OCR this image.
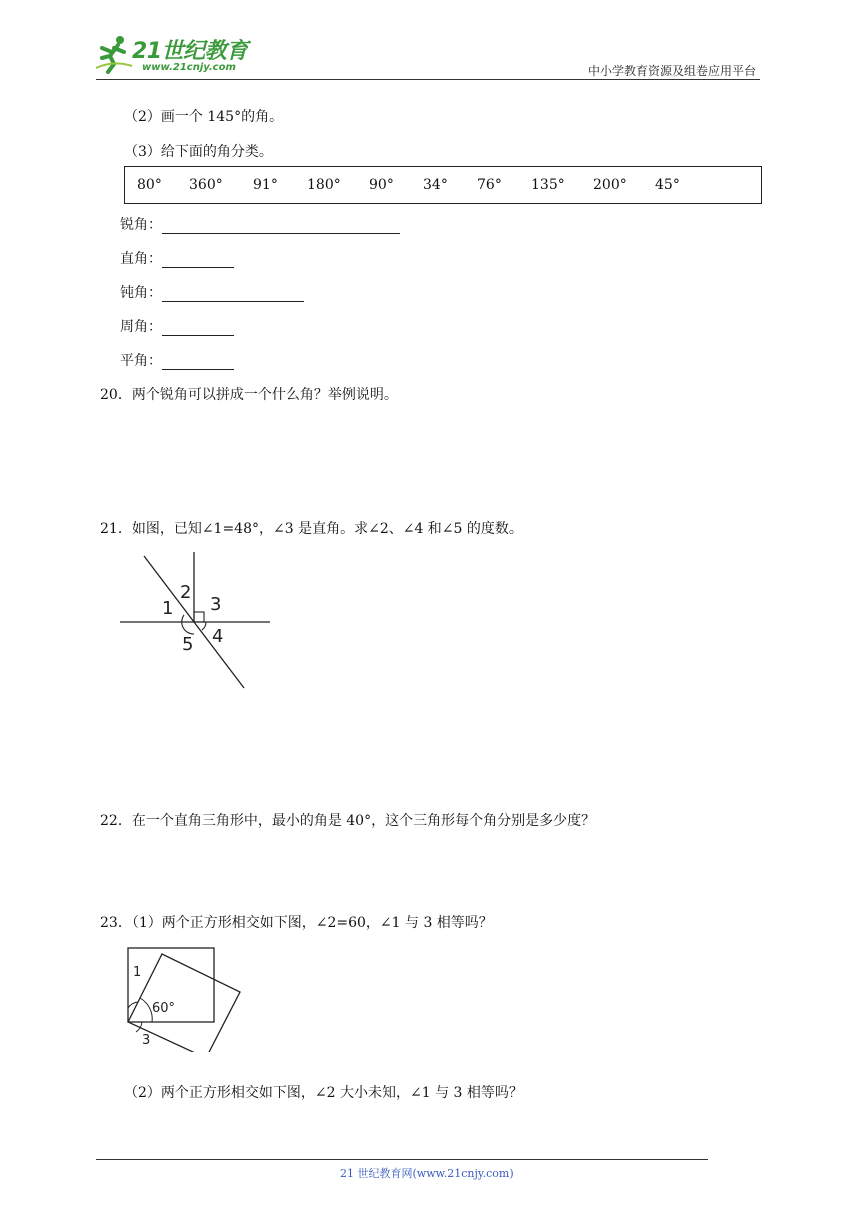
21世纪教育
www.21cnjy.com	中小学教育资源及组卷应用平台
（2）画一个 145°的角。
（3）给下面的角分类。
80° 360° 91° 180° 90° 34° 76° 135° 200° 45°
锐角：
直角：
钝角：
周角：
平角：
20．两个锐角可以拼成一个什么角？举例说明。
21．如图，已知∠1=48°，∠3 是直角。求∠2、∠4 和∠5 的度数。
1
2
3
4
5
22．在一个直角三角形中，最小的角是 40°，这个三角形每个角分别是多少度？
23．（1）两个正方形相交如下图，∠2=60，∠1 与 3 相等吗？
1
60°
3
（2）两个正方形相交如下图，∠2 大小未知，∠1 与 3 相等吗？
21 世纪教育网(www.21cnjy.com)
